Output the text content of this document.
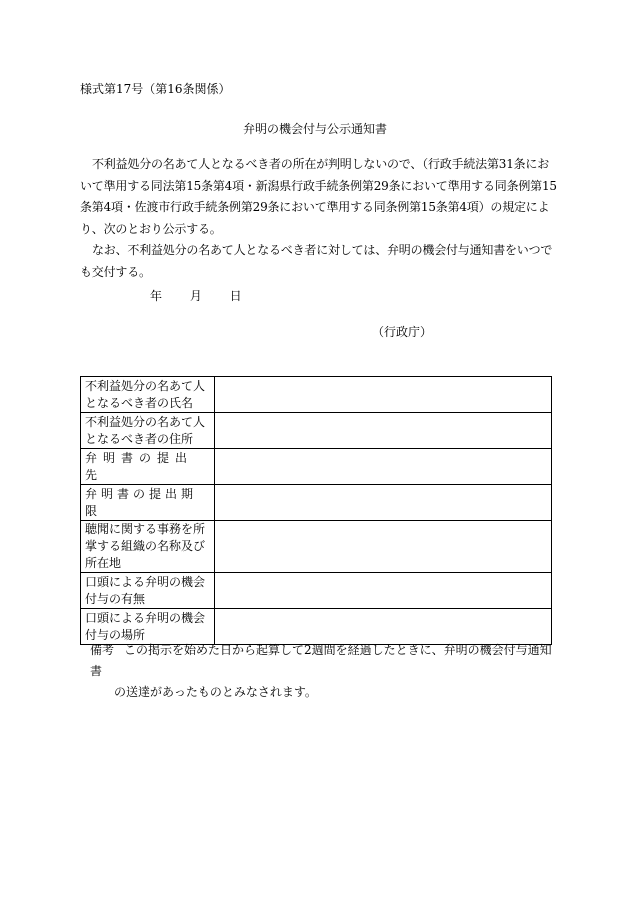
様式第17号（第16条関係）
弁明の機会付与公示通知書

不利益処分の名あて人となるべき者の所在が判明しないので、（行政手続法第31条において準用する同法第15条第4項・新潟県行政手続条例第29条において準用する同条例第15条第4項・佐渡市行政手続条例第29条において準用する同条例第15条第4項）の規定により、次のとおり公示する。

なお、不利益処分の名あて人となるべき者に対しては、弁明の機会付与通知書をいつでも交付する。

年 月 日
（行政庁）
不利益処分の名あて人となるべき者の氏名	
不利益処分の名あて人となるべき者の住所	
弁明書の提出先	
弁明書の提出期限	
聴聞に関する事務を所掌する組織の名称及び所在地	
口頭による弁明の機会付与の有無	
口頭による弁明の機会付与の場所	
備考 この掲示を始めた日から起算して2週間を経過したときに、弁明の機会付与通知書
の送達があったものとみなされます。
